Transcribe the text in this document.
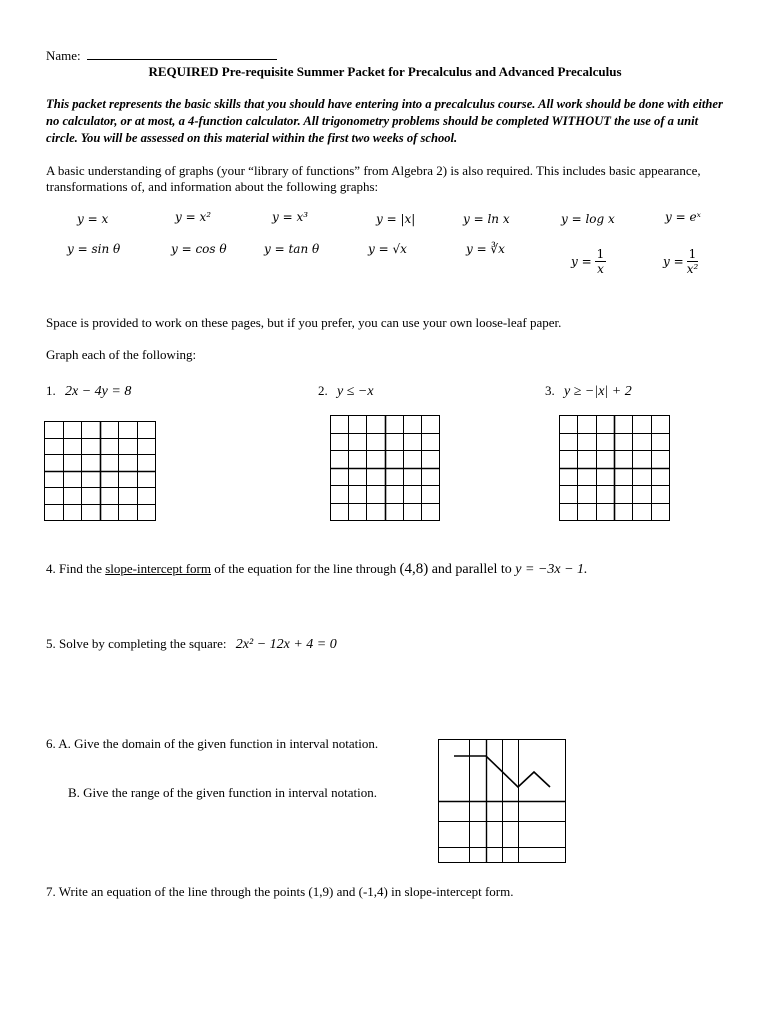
Name:
REQUIRED Pre-requisite Summer Packet for Precalculus and Advanced Precalculus
This packet represents the basic skills that you should have entering into a precalculus course. All work should be done with either no calculator, or at most, a 4-function calculator. All trigonometry problems should be completed WITHOUT the use of a unit circle. You will be assessed on this material within the first two weeks of school.
A basic understanding of graphs (your “library of functions” from Algebra 2) is also required. This includes basic appearance, transformations of, and information about the following graphs:
y = x	y = x²	y = x³	y = |x|	y = ln x	y = log x	y = eˣ
y = sin θ	y = cos θ	y = tan θ	y = √x	y = ∛x
$y = \frac{1}{x}$	$y = \frac{1}{\text{x²}}$
Space is provided to work on these pages, but if you prefer, you can use your own loose-leaf paper.
Graph each of the following:
1. 2x − 4y = 8	2. y ≤ −x	3. y ≥ −|x| + 2
4. Find the slope-intercept form of the equation for the line through (4,8) and parallel to y = −3x − 1.
5. Solve by completing the square: 2x² − 12x + 4 = 0
6. A. Give the domain of the given function in interval notation.
B. Give the range of the given function in interval notation.
7. Write an equation of the line through the points (1,9) and (-1,4) in slope-intercept form.
